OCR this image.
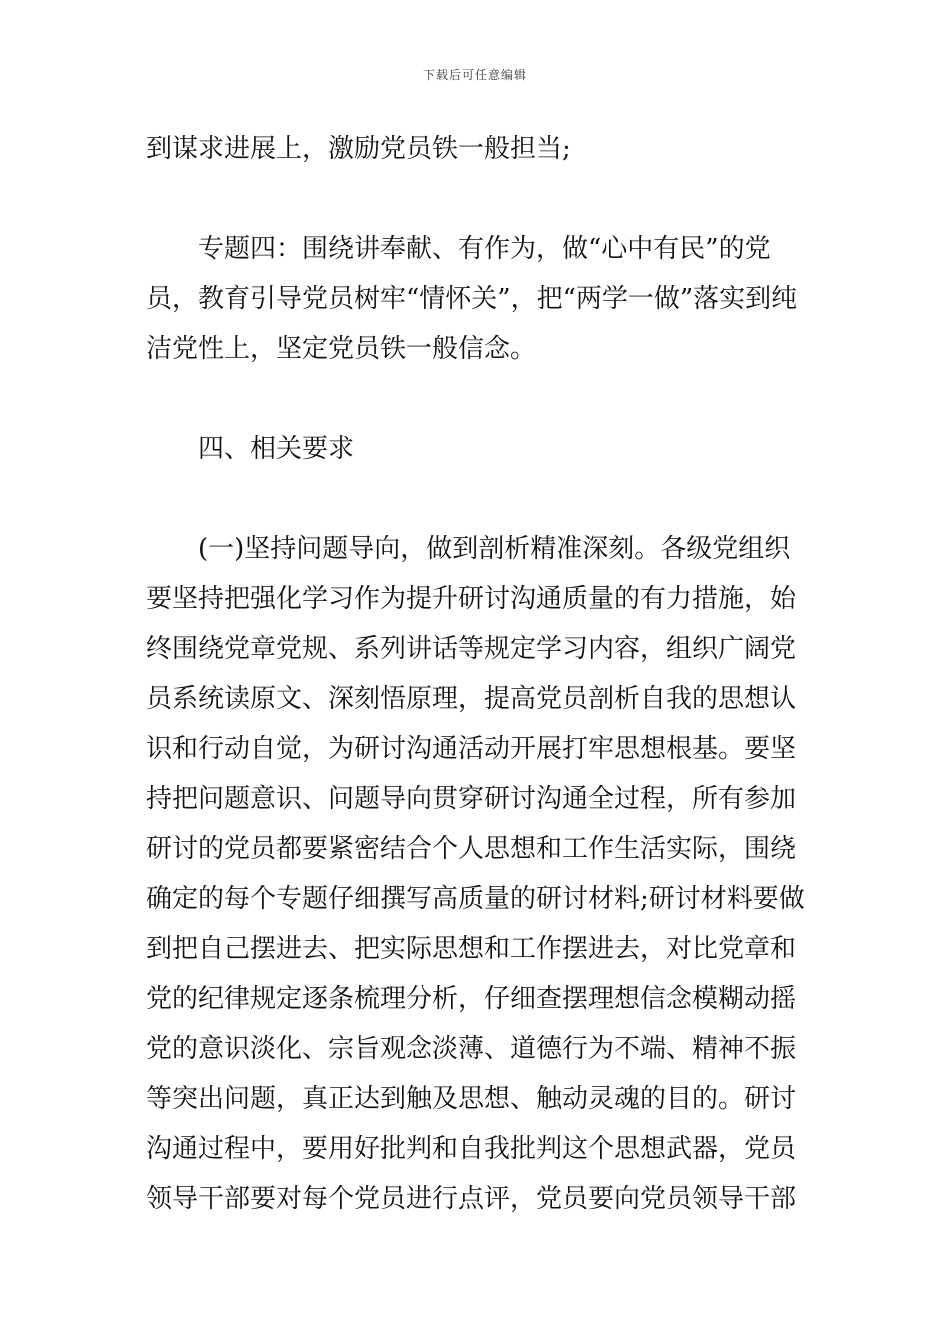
下载后可任意编辑

到谋求进展上，激励党员铁一般担当;

专题四：围绕讲奉献、有作为，做“心中有民”的党员，教育引导党员树牢“情怀关”，把“两学一做”落实到纯洁党性上，坚定党员铁一般信念。

四、相关要求

(一)坚持问题导向，做到剖析精准深刻。各级党组织要坚持把强化学习作为提升研讨沟通质量的有力措施，始终围绕党章党规、系列讲话等规定学习内容，组织广阔党员系统读原文、深刻悟原理，提高党员剖析自我的思想认识和行动自觉，为研讨沟通活动开展打牢思想根基。要坚持把问题意识、问题导向贯穿研讨沟通全过程，所有参加研讨的党员都要紧密结合个人思想和工作生活实际，围绕确定的每个专题仔细撰写高质量的研讨材料;研讨材料要做到把自己摆进去、把实际思想和工作摆进去，对比党章和党的纪律规定逐条梳理分析，仔细查摆理想信念模糊动摇党的意识淡化、宗旨观念淡薄、道德行为不端、精神不振等突出问题，真正达到触及思想、触动灵魂的目的。研讨沟通过程中，要用好批判和自我批判这个思想武器，党员领导干部要对每个党员进行点评，党员要向党员领导干部
